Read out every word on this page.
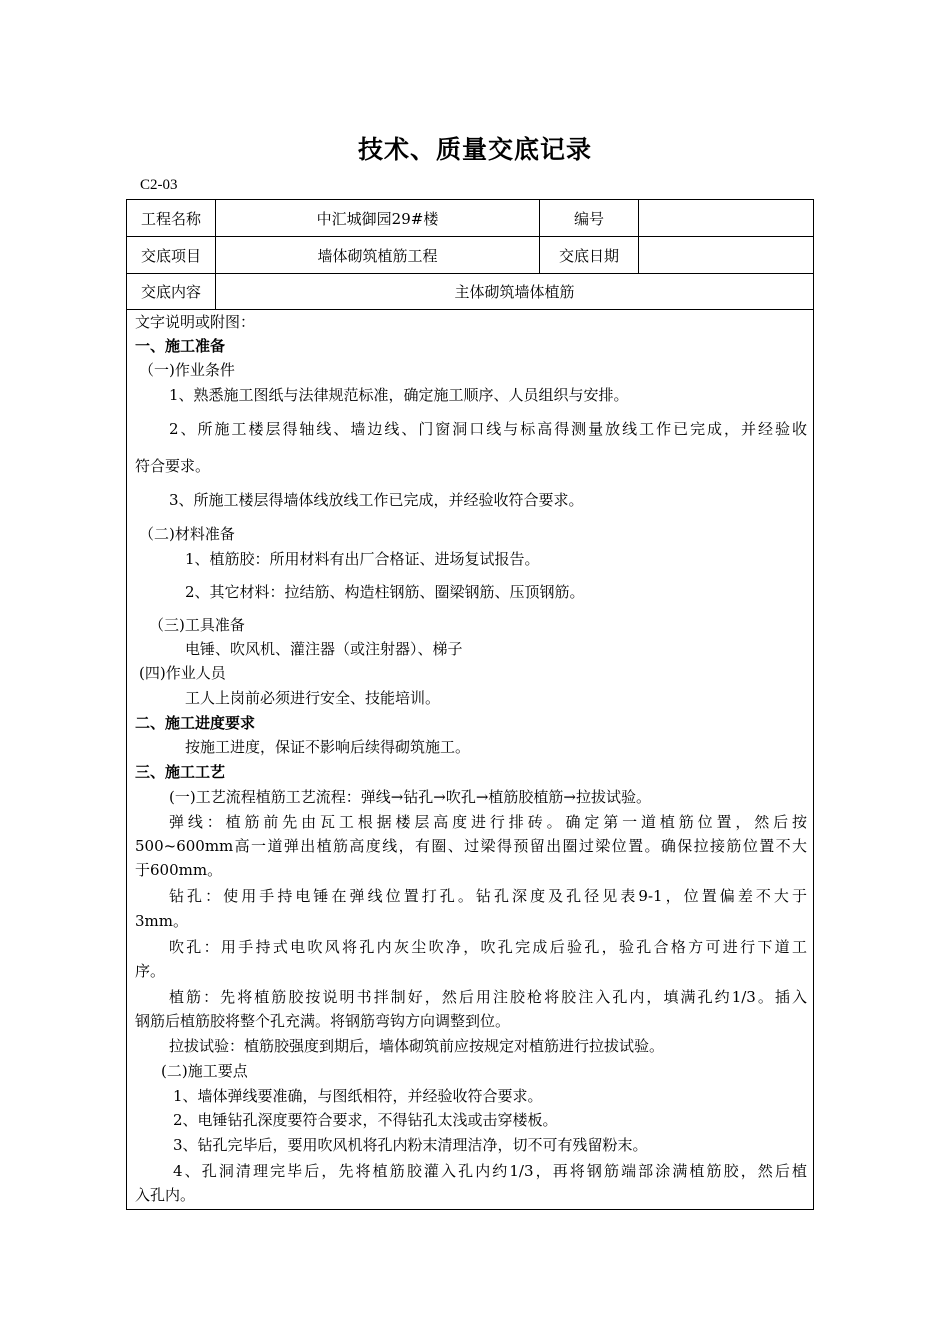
技术、质量交底记录
C2-03
工程名称	中汇城御园29#楼	编号
交底项目	墙体砌筑植筋工程	交底日期
交底内容	主体砌筑墙体植筋
文字说明或附图：
一、施工准备
（一)作业条件
1、熟悉施工图纸与法律规范标准，确定施工顺序、人员组织与安排。
2、所施工楼层得轴线、墙边线、门窗洞口线与标高得测量放线工作已完成，并经验收
符合要求。
3、所施工楼层得墙体线放线工作已完成，并经验收符合要求。
（二)材料准备
1、植筋胶：所用材料有出厂合格证、进场复试报告。
2、其它材料：拉结筋、构造柱钢筋、圈梁钢筋、压顶钢筋。
（三)工具准备
电锤、吹风机、灌注器（或注射器）、梯子
(四)作业人员
工人上岗前必须进行安全、技能培训。
二、施工进度要求
按施工进度，保证不影响后续得砌筑施工。
三、施工工艺
(一)工艺流程植筋工艺流程：弹线→钻孔→吹孔→植筋胶植筋→拉拔试验。
弹线：植筋前先由瓦工根据楼层高度进行排砖。确定第一道植筋位置，然后按
500~600mm高一道弹出植筋高度线，有圈、过梁得预留出圈过梁位置。确保拉接筋位置不大
于600mm。
钻孔：使用手持电锤在弹线位置打孔。钻孔深度及孔径见表9-1，位置偏差不大于
3mm。
吹孔：用手持式电吹风将孔内灰尘吹净，吹孔完成后验孔，验孔合格方可进行下道工
序。
植筋：先将植筋胶按说明书拌制好，然后用注胶枪将胶注入孔内，填满孔约1/3。插入
钢筋后植筋胶将整个孔充满。将钢筋弯钩方向调整到位。
拉拔试验：植筋胶强度到期后，墙体砌筑前应按规定对植筋进行拉拔试验。
(二)施工要点
1、墙体弹线要准确，与图纸相符，并经验收符合要求。
2、电锤钻孔深度要符合要求，不得钻孔太浅或击穿楼板。
3、钻孔完毕后，要用吹风机将孔内粉末清理洁净，切不可有残留粉末。
4、孔洞清理完毕后，先将植筋胶灌入孔内约1/3，再将钢筋端部涂满植筋胶，然后植
入孔内。
